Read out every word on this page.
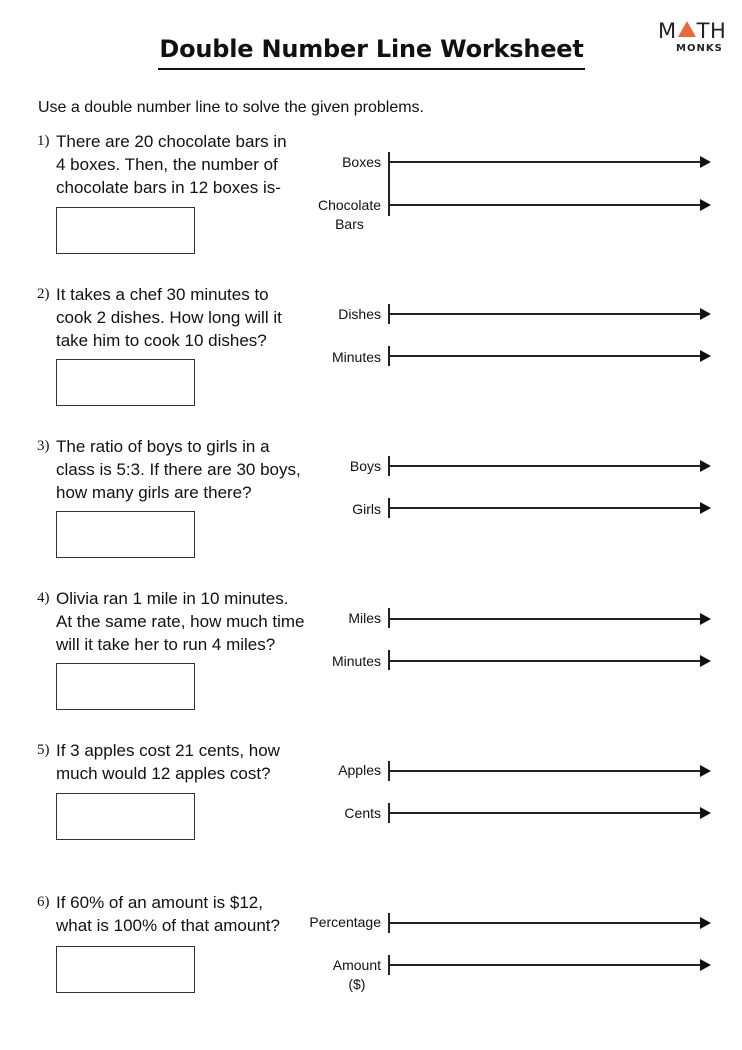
M TH
MONKS
Double Number Line Worksheet
Use a double number line to solve the given problems.
1) There are 20 chocolate bars in
4 boxes. Then, the number of
chocolate bars in 12 boxes is-
Boxes
Chocolate
Bars
2) It takes a chef 30 minutes to
cook 2 dishes. How long will it
take him to cook 10 dishes?
Dishes
Minutes
3) The ratio of boys to girls in a
class is 5:3. If there are 30 boys,
how many girls are there?
Boys
Girls
4) Olivia ran 1 mile in 10 minutes.
At the same rate, how much time
will it take her to run 4 miles?
Miles
Minutes
5) If 3 apples cost 21 cents, how
much would 12 apples cost?	Apples
Cents
6) If 60% of an amount is $12,
what is 100% of that amount?	Percentage
Amount
($)
